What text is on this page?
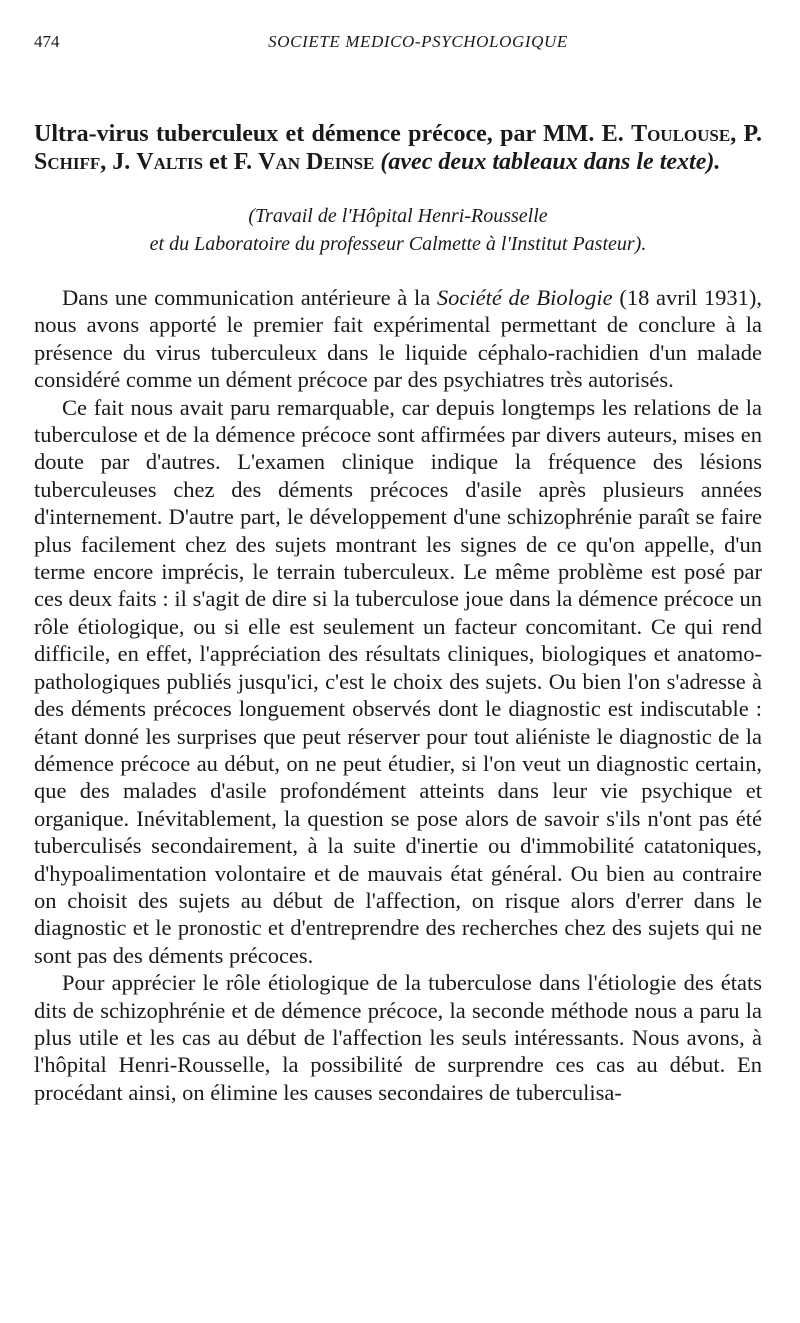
474	SOCIETE MEDICO-PSYCHOLOGIQUE
Ultra-virus tuberculeux et démence précoce, par MM. E. Toulouse, P. Schiff, J. Valtis et F. Van Deinse (avec deux tableaux dans le texte).
(Travail de l'Hôpital Henri-Rousselle
et du Laboratoire du professeur Calmette à l'Institut Pasteur).

Dans une communication antérieure à la Société de Biologie (18 avril 1931), nous avons apporté le premier fait expérimental permettant de conclure à la présence du virus tuberculeux dans le liquide céphalo-rachidien d'un malade considéré comme un dément précoce par des psychiatres très autorisés.

Ce fait nous avait paru remarquable, car depuis longtemps les relations de la tuberculose et de la démence précoce sont affirmées par divers auteurs, mises en doute par d'autres. L'examen clinique indique la fréquence des lésions tuberculeuses chez des déments précoces d'asile après plusieurs années d'internement. D'autre part, le développement d'une schizophrénie paraît se faire plus facilement chez des sujets montrant les signes de ce qu'on appelle, d'un terme encore imprécis, le terrain tuberculeux. Le même problème est posé par ces deux faits : il s'agit de dire si la tuberculose joue dans la démence précoce un rôle étiologique, ou si elle est seulement un facteur concomitant. Ce qui rend difficile, en effet, l'appréciation des résultats cliniques, biologiques et anatomo-pathologiques publiés jusqu'ici, c'est le choix des sujets. Ou bien l'on s'adresse à des déments précoces longuement observés dont le diagnostic est indiscutable : étant donné les surprises que peut réserver pour tout aliéniste le diagnostic de la démence précoce au début, on ne peut étudier, si l'on veut un diagnostic certain, que des malades d'asile profondément atteints dans leur vie psychique et organique. Inévitablement, la question se pose alors de savoir s'ils n'ont pas été tuberculisés secondairement, à la suite d'inertie ou d'immobilité catatoniques, d'hypoalimentation volontaire et de mauvais état général. Ou bien au contraire on choisit des sujets au début de l'affection, on risque alors d'errer dans le diagnostic et le pronostic et d'entreprendre des recherches chez des sujets qui ne sont pas des déments précoces.

Pour apprécier le rôle étiologique de la tuberculose dans l'étiologie des états dits de schizophrénie et de démence précoce, la seconde méthode nous a paru la plus utile et les cas au début de l'affection les seuls intéressants. Nous avons, à l'hôpital Henri-Rousselle, la possibilité de surprendre ces cas au début. En procédant ainsi, on élimine les causes secondaires de tuberculisa-
